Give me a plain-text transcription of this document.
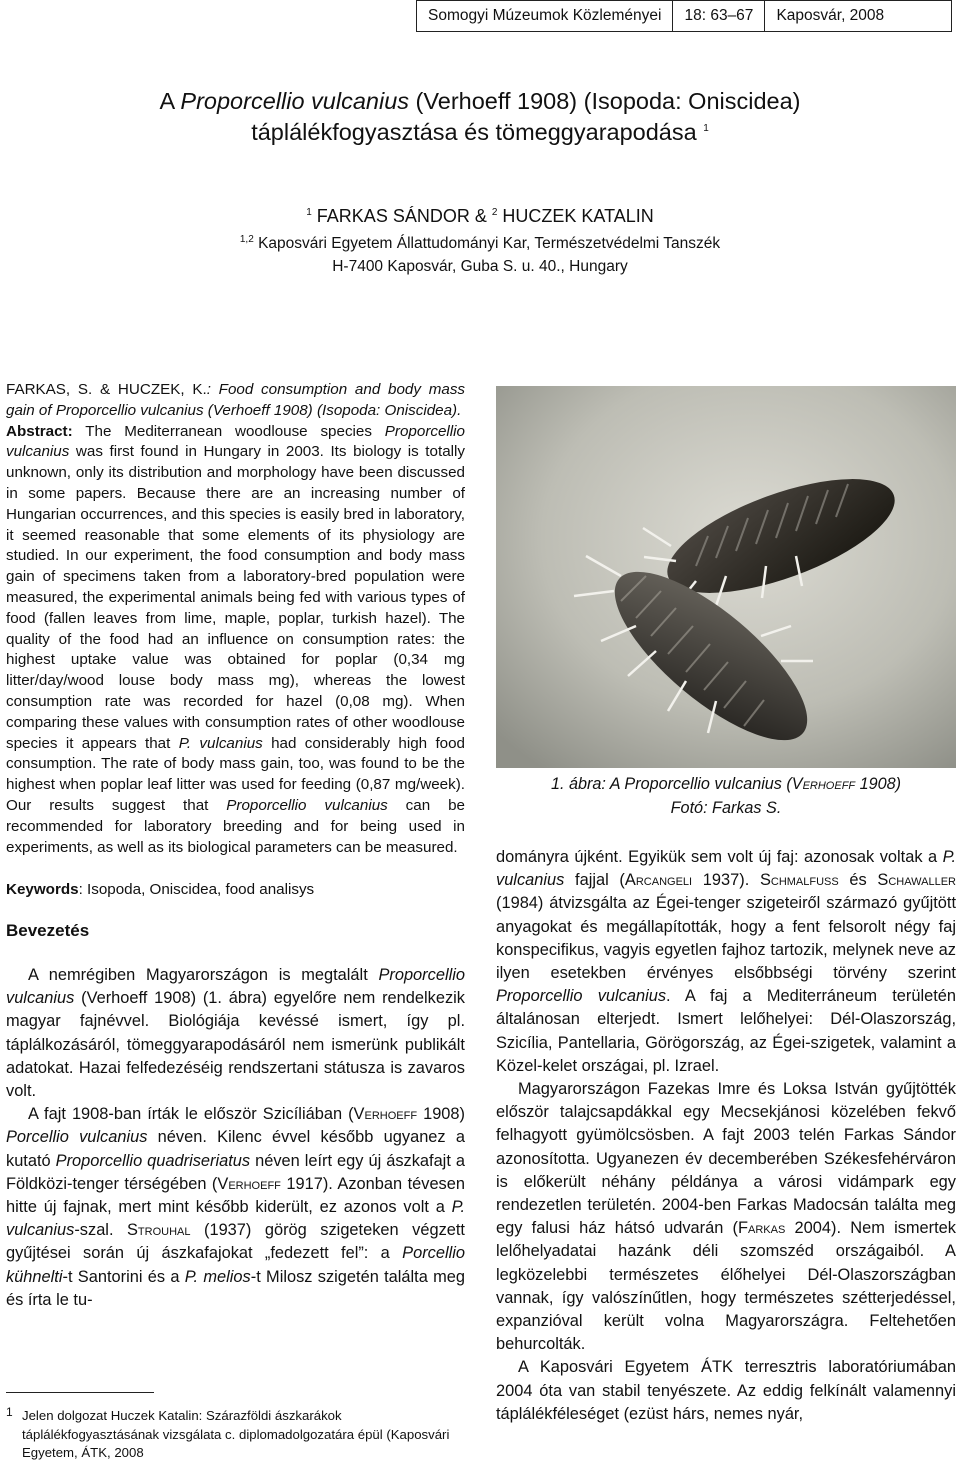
Somogyi Múzeumok Közleményei	18: 63–67	Kaposvár, 2008
A Proporcellio vulcanius (Verhoeff 1908) (Isopoda: Oniscidea)
táplálékfogyasztása és tömeggyarapodása $^1$
$^1$ FARKAS SÁNDOR & $^2$ HUCZEK KATALIN
$^{1,2}$ Kaposvári Egyetem Állattudományi Kar, Természetvédelmi Tanszék
H-7400 Kaposvár, Guba S. u. 40., Hungary

FARKAS, S. & HUCZEK, K.: Food consumption and body mass gain of Proporcellio vulcanius (Verhoeff 1908) (Isopoda: Oniscidea).

Abstract: The Mediterranean woodlouse species Proporcellio vulcanius was first found in Hungary in 2003. Its biology is totally unknown, only its distribution and morphology have been discussed in some papers. Because there are an increasing number of Hungarian occurrences, and this species is easily bred in laboratory, it seemed reasonable that some elements of its physiology are studied. In our experiment, the food consumption and body mass gain of specimens taken from a laboratory-bred population were measured, the experimental animals being fed with various types of food (fallen leaves from lime, maple, poplar, turkish hazel). The quality of the food had an influence on consumption rates: the highest uptake value was obtained for poplar (0,34 mg litter/day/wood louse body mass mg), whereas the lowest consumption rate was recorded for hazel (0,08 mg). When comparing these values with consumption rates of other woodlouse species it appears that P. vulcanius had considerably high food consumption. The rate of body mass gain, too, was found to be the highest when poplar leaf litter was used for feeding (0,87 mg/week). Our results suggest that Proporcellio vulcanius can be recommended for laboratory breeding and for being used in experiments, as well as its biological parameters can be measured.

Keywords: Isopoda, Oniscidea, food analisys

Bevezetés

A nemrégiben Magyarországon is megtalált Proporcellio vulcanius (Verhoeff 1908) (1. ábra) egyelőre nem rendelkezik magyar fajnévvel. Biológiája kevéssé ismert, így pl. táplálkozásáról, tömeggyarapodásáról nem ismerünk publikált adatokat. Hazai felfedezéséig rendszertani státusza is zavaros volt.

A fajt 1908-ban írták le először Szicíliában (Verhoeff 1908) Porcellio vulcanius néven. Kilenc évvel később ugyanez a kutató Proporcellio quadriseriatus néven leírt egy új ászkafajt a Földközi-tenger térségében (Verhoeff 1917). Azonban tévesen hitte új fajnak, mert mint később kiderült, ez azonos volt a P. vulcanius-szal. Strouhal (1937) görög szigeteken végzett gyűjtései során új ászkafajokat „fedezett fel”: a Porcellio kühnelti-t Santorini és a P. melios-t Milosz szigetén találta meg és írta le tu-

1. ábra: A Proporcellio vulcanius (Verhoeff 1908)
Fotó: Farkas S.

dományra újként. Egyikük sem volt új faj: azonosak voltak a P. vulcanius fajjal (Arcangeli 1937). Schmalfuss és Schawaller (1984) átvizsgálta az Égei-tenger szigeteiről származó gyűjtött anyagokat és megállapították, hogy a fent felsorolt négy faj konspecifikus, vagyis egyetlen fajhoz tartozik, melynek neve az ilyen esetekben érvényes elsőbbségi törvény szerint Proporcellio vulcanius. A faj a Mediterráneum területén általánosan elterjedt. Ismert lelőhelyei: Dél-Olaszország, Szicília, Pantellaria, Görögország, az Égei-szigetek, valamint a Közel-kelet országai, pl. Izrael.

Magyarországon Fazekas Imre és Loksa István gyűjtötték először talajcsapdákkal egy Mecsekjánosi közelében fekvő felhagyott gyümölcsösben. A fajt 2003 telén Farkas Sándor azonosította. Ugyanezen év decemberében Székesfehérváron is előkerült néhány példánya a városi vidámpark egy rendezetlen területén. 2004-ben Farkas Madocsán találta meg egy falusi ház hátsó udvarán (Farkas 2004). Nem ismertek lelőhelyadatai hazánk déli szomszéd országaiból. A legközelebbi természetes élőhelyei Dél-Olaszországban vannak, így valószínűtlen, hogy természetes szétterjedéssel, expanzióval került volna Magyarországra. Feltehetően behurcolták.

A Kaposvári Egyetem ÁTK terresztris laboratóriumában 2004 óta van stabil tenyészete. Az eddig felkínált valamennyi táplálékféleséget (ezüst hárs, nemes nyár,

1 Jelen dolgozat Huczek Katalin: Szárazföldi ászkarákok táplálékfogyasztásának vizsgálata c. diplomadolgozatára épül (Kaposvári Egyetem, ÁTK, 2008
